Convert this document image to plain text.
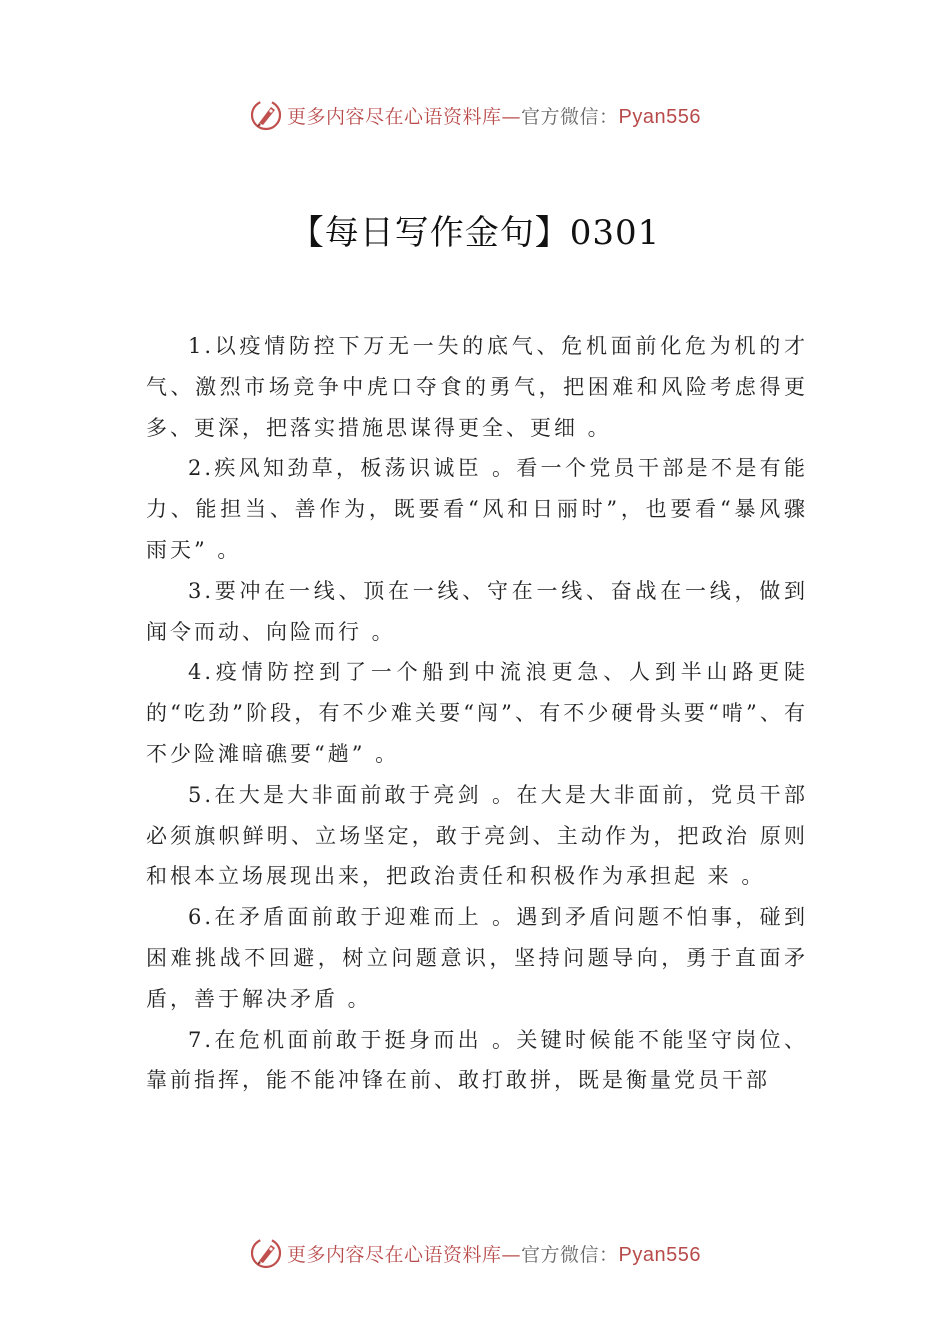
更多内容尽在心语资料库—官方微信：Pyan556
【每日写作金句】0301

1.以疫情防控下万无一失的底气、危机面前化危为机的才气、激烈市场竞争中虎口夺食的勇气，把困难和风险考虑得更多、更深，把落实措施思谋得更全、更细 。

2.疾风知劲草，板荡识诚臣 。看一个党员干部是不是有能力、能担当、善作为，既要看“风和日丽时”，也要看“暴风骤雨天” 。

3.要冲在一线、顶在一线、守在一线、奋战在一线，做到闻令而动、向险而行 。

4.疫情防控到了一个船到中流浪更急、人到半山路更陡的“吃劲”阶段，有不少难关要“闯”、有不少硬骨头要“啃”、有不少险滩暗礁要“趟” 。

5.在大是大非面前敢于亮剑 。在大是大非面前，党员干部必须旗帜鲜明、立场坚定，敢于亮剑、主动作为，把政治 原则和根本立场展现出来，把政治责任和积极作为承担起 来 。

6.在矛盾面前敢于迎难而上 。遇到矛盾问题不怕事，碰到困难挑战不回避，树立问题意识，坚持问题导向，勇于直面矛盾，善于解决矛盾 。

7.在危机面前敢于挺身而出 。关键时候能不能坚守岗位、靠前指挥，能不能冲锋在前、敢打敢拼，既是衡量党员干部

更多内容尽在心语资料库—官方微信：Pyan556
